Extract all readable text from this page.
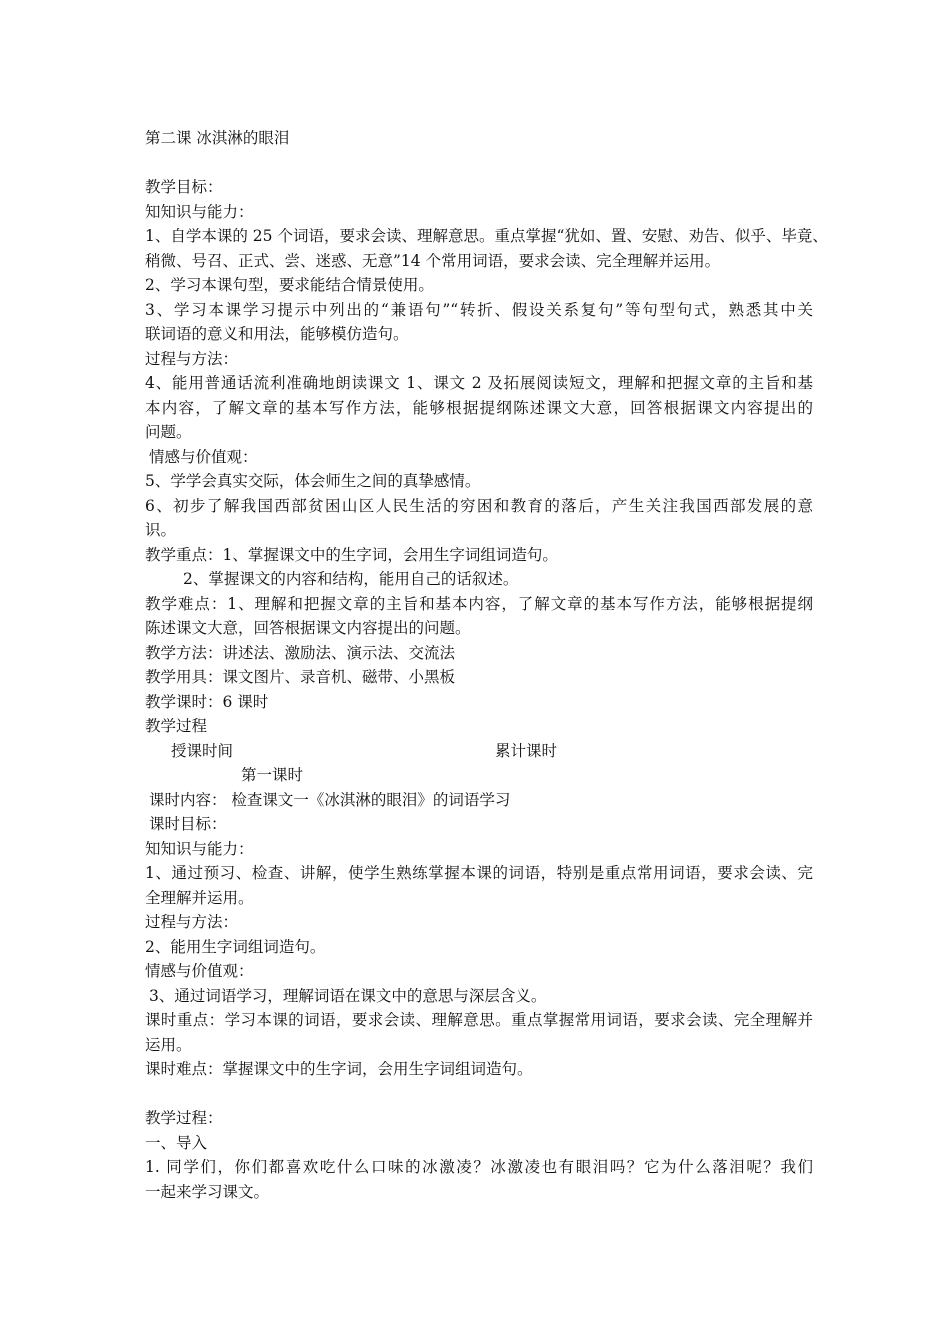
第二课 冰淇淋的眼泪
教学目标：
知知识与能力：
1、自学本课的 25 个词语，要求会读、理解意思。重点掌握“犹如、置、安慰、劝告、似乎、毕竟、
稍微、号召、正式、尝、迷惑、无意”14 个常用词语，要求会读、完全理解并运用。
2、学习本课句型，要求能结合情景使用。
3、学习本课学习提示中列出的“兼语句”“转折、假设关系复句”等句型句式，熟悉其中关
联词语的意义和用法，能够模仿造句。
过程与方法：
4、能用普通话流利准确地朗读课文 1、课文 2 及拓展阅读短文，理解和把握文章的主旨和基
本内容，了解文章的基本写作方法，能够根据提纲陈述课文大意，回答根据课文内容提出的
问题。
情感与价值观：
5、学学会真实交际，体会师生之间的真挚感情。
6、初步了解我国西部贫困山区人民生活的穷困和教育的落后，产生关注我国西部发展的意
识。
教学重点：1、掌握课文中的生字词，会用生字词组词造句。
2、掌握课文的内容和结构，能用自己的话叙述。
教学难点：1、理解和把握文章的主旨和基本内容，了解文章的基本写作方法，能够根据提纲
陈述课文大意，回答根据课文内容提出的问题。
教学方法：讲述法、激励法、演示法、交流法
教学用具：课文图片、录音机、磁带、小黑板
教学课时：6 课时
教学过程
授课时间	累计课时
第一课时
课时内容： 检查课文一《冰淇淋的眼泪》的词语学习
课时目标：
知知识与能力：
1、通过预习、检查、讲解，使学生熟练掌握本课的词语，特别是重点常用词语，要求会读、完
全理解并运用。
过程与方法：
2、能用生字词组词造句。
情感与价值观：
3、通过词语学习，理解词语在课文中的意思与深层含义。
课时重点：学习本课的词语，要求会读、理解意思。重点掌握常用词语，要求会读、完全理解并
运用。
课时难点：掌握课文中的生字词，会用生字词组词造句。
教学过程：
一、导入
1. 同学们，你们都喜欢吃什么口味的冰激凌？冰激凌也有眼泪吗？它为什么落泪呢？我们
一起来学习课文。
